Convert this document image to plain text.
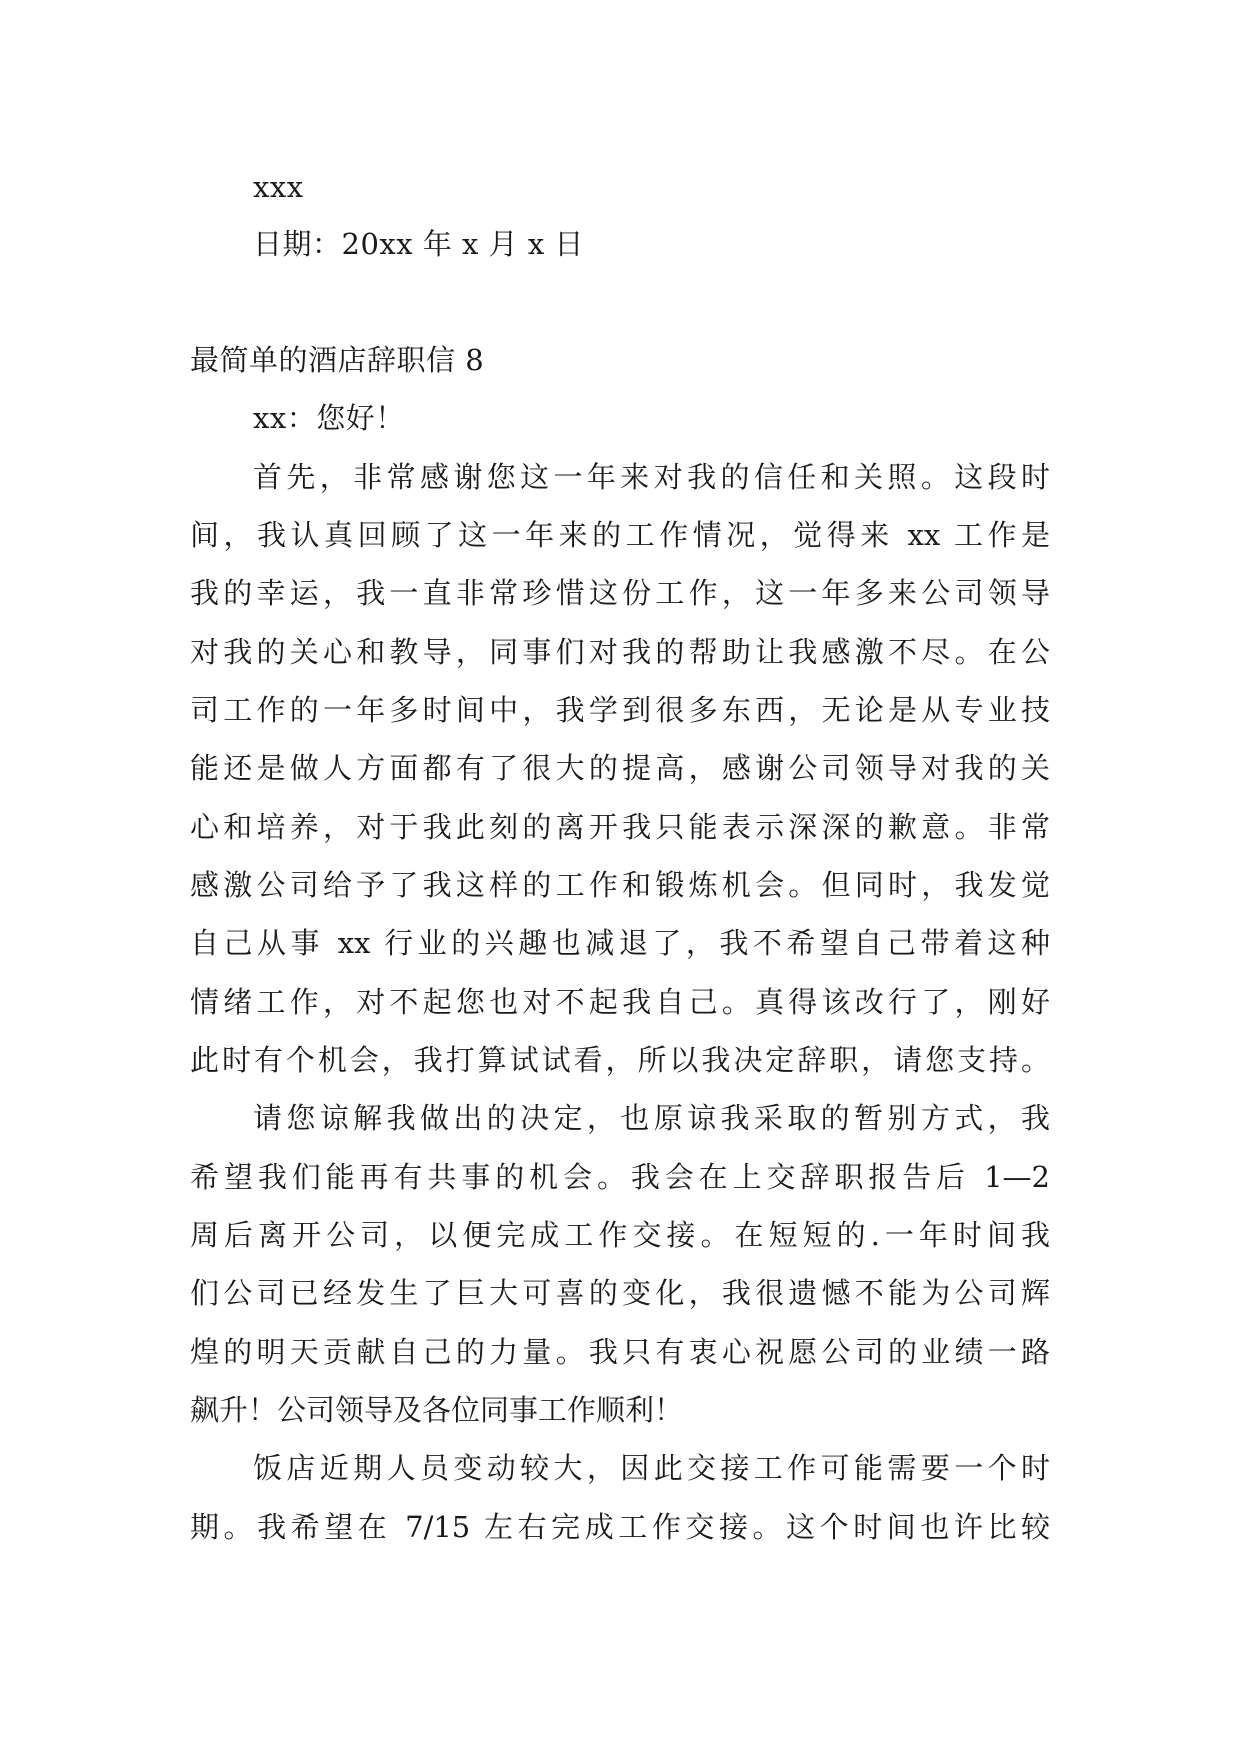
xxx
日期：20xx 年 x 月 x 日
最简单的酒店辞职信 8
xx：您好！
首先，非常感谢您这一年来对我的信任和关照。这段时
间，我认真回顾了这一年来的工作情况，觉得来 xx 工作是
我的幸运，我一直非常珍惜这份工作，这一年多来公司领导
对我的关心和教导，同事们对我的帮助让我感激不尽。在公
司工作的一年多时间中，我学到很多东西，无论是从专业技
能还是做人方面都有了很大的提高，感谢公司领导对我的关
心和培养，对于我此刻的离开我只能表示深深的歉意。非常
感激公司给予了我这样的工作和锻炼机会。但同时，我发觉
自己从事 xx 行业的兴趣也减退了，我不希望自己带着这种
情绪工作，对不起您也对不起我自己。真得该改行了，刚好
此时有个机会，我打算试试看，所以我决定辞职，请您支持。
请您谅解我做出的决定，也原谅我采取的暂别方式，我
希望我们能再有共事的机会。我会在上交辞职报告后 1—2
周后离开公司，以便完成工作交接。在短短的.一年时间我
们公司已经发生了巨大可喜的变化，我很遗憾不能为公司辉
煌的明天贡献自己的力量。我只有衷心祝愿公司的业绩一路
飙升！公司领导及各位同事工作顺利！
饭店近期人员变动较大，因此交接工作可能需要一个时
期。我希望在 7/15 左右完成工作交接。这个时间也许比较
